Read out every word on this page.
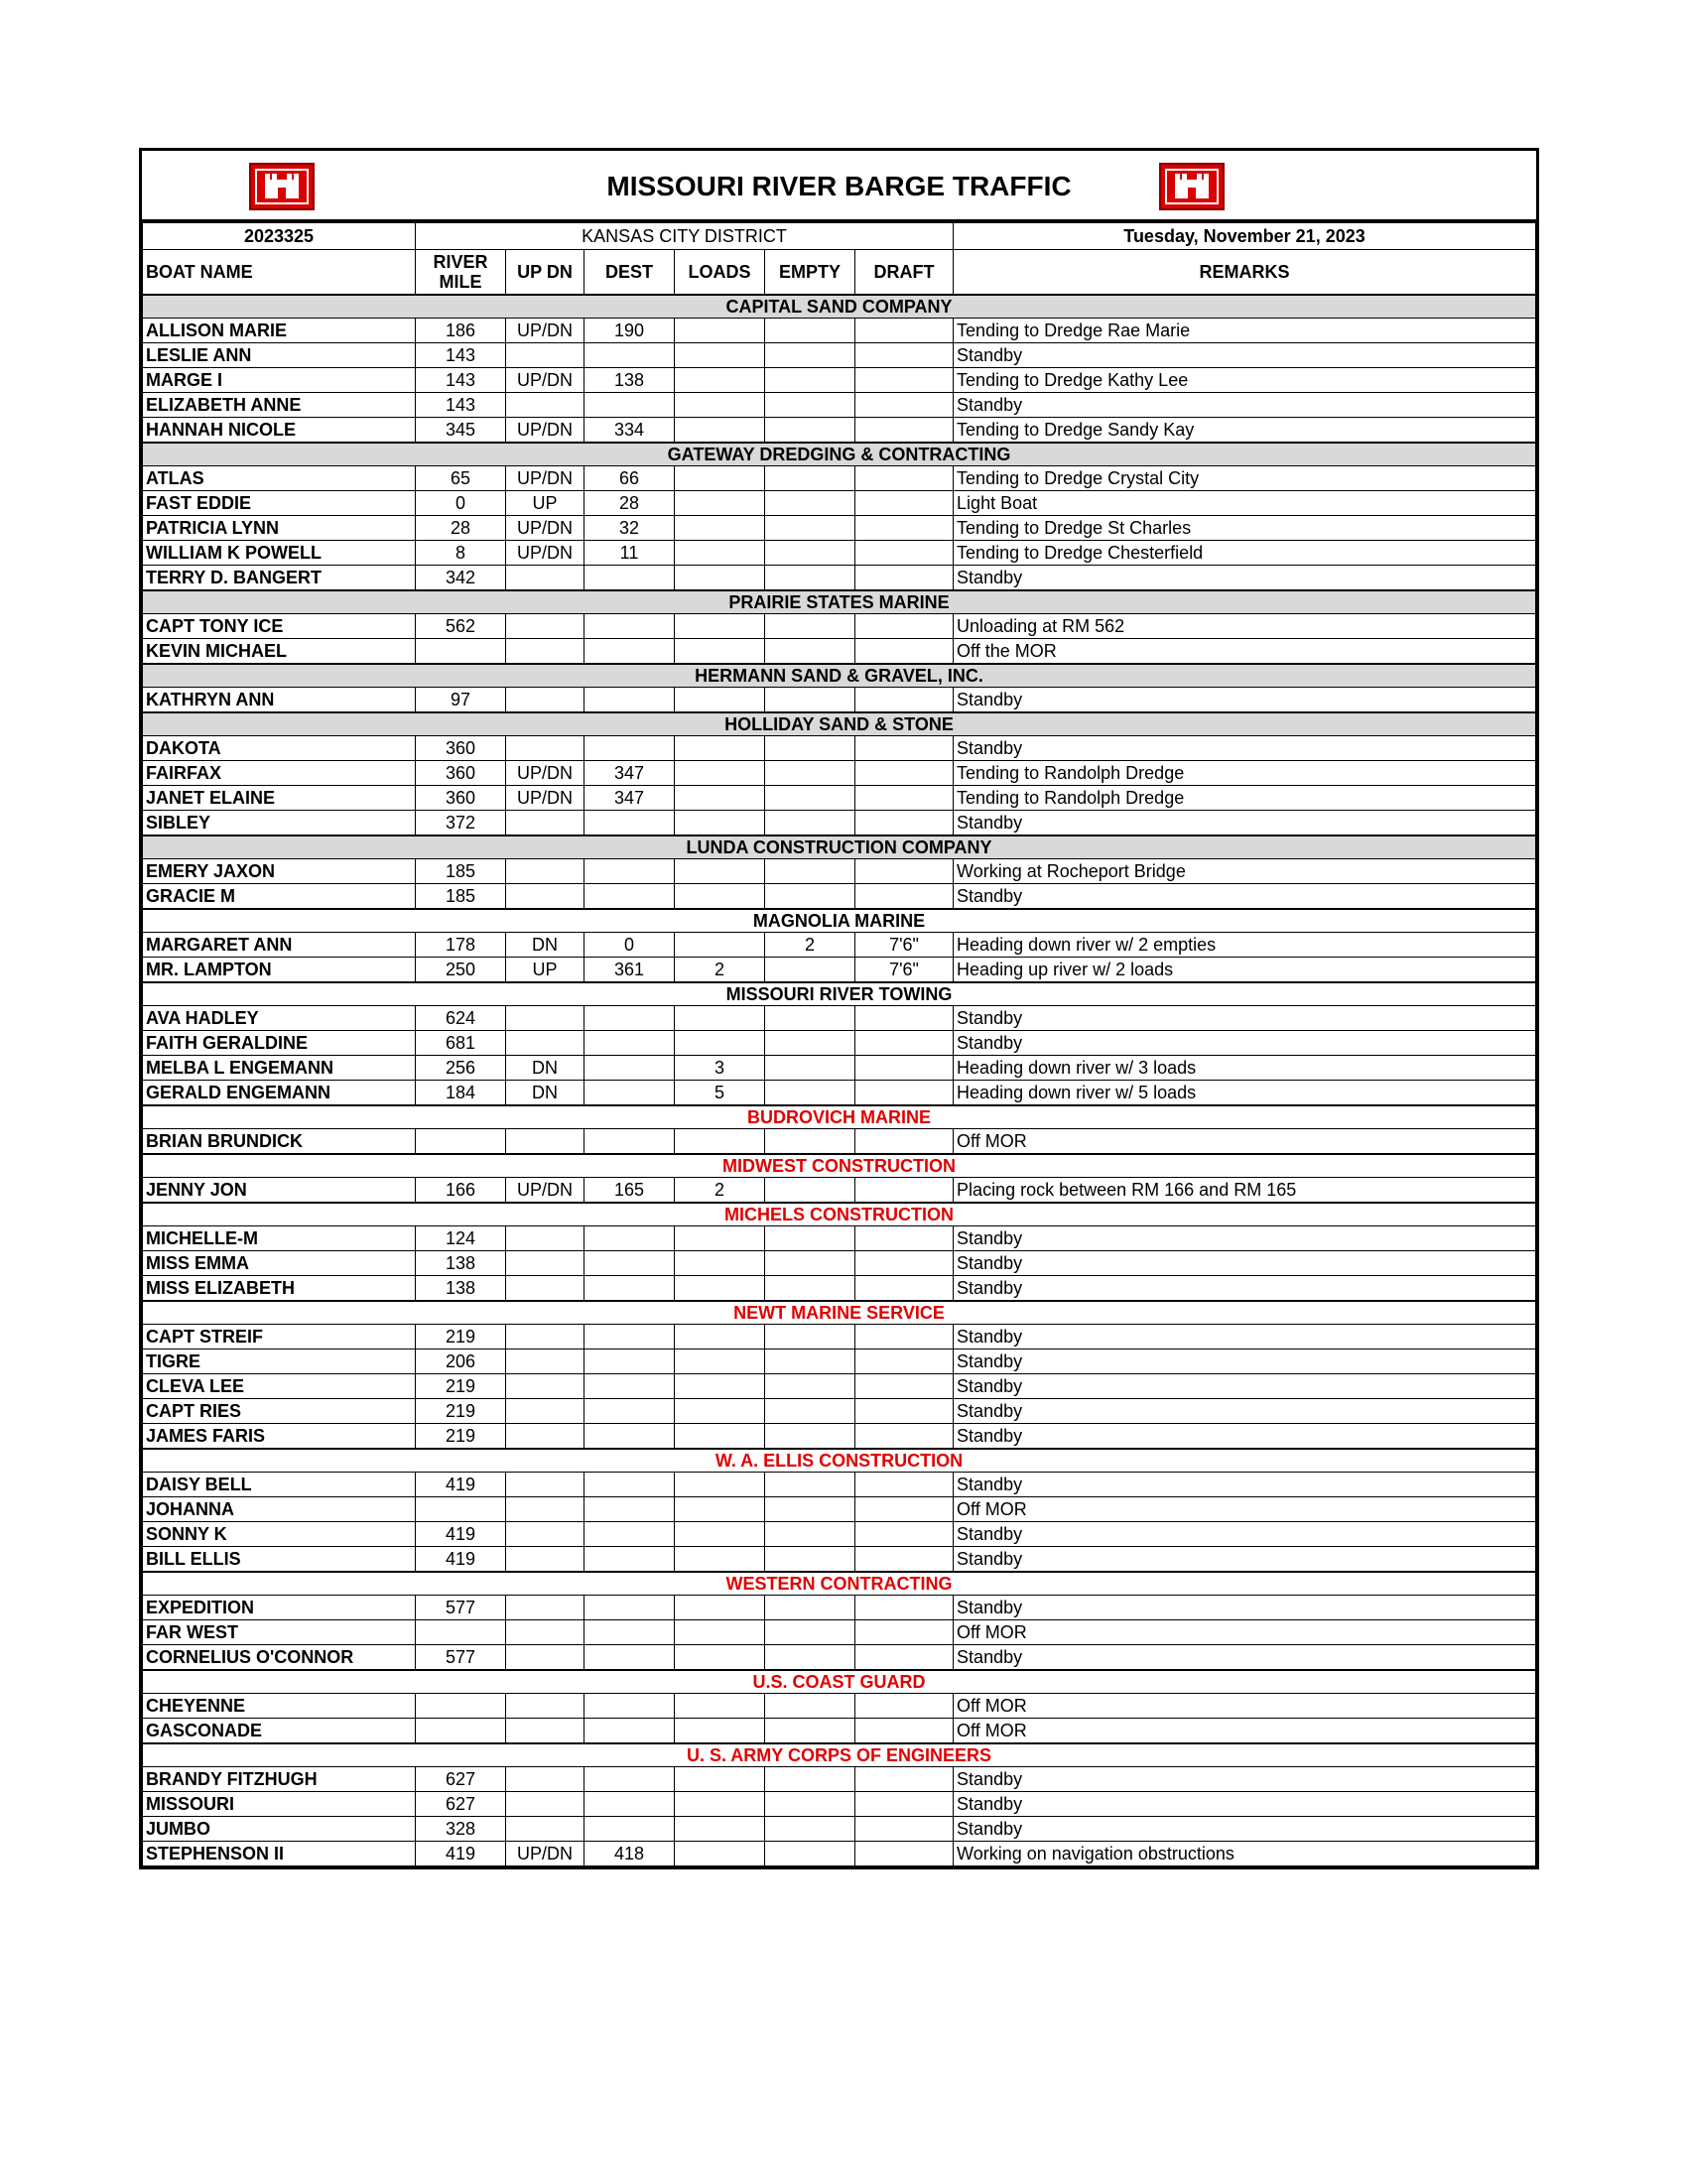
MISSOURI RIVER BARGE TRAFFIC
2023325	KANSAS CITY DISTRICT						Tuesday, November 21, 2023
BOAT NAME	RIVER MILE	UP DN	DEST	LOADS	EMPTY	DRAFT	REMARKS
CAPITAL SAND COMPANY							
ALLISON MARIE	186	UP/DN	190				Tending to Dredge Rae Marie
LESLIE ANN	143						Standby
MARGE I	143	UP/DN	138				Tending to Dredge Kathy Lee
ELIZABETH ANNE	143						Standby
HANNAH NICOLE	345	UP/DN	334				Tending to Dredge Sandy Kay
GATEWAY DREDGING & CONTRACTING							
ATLAS	65	UP/DN	66				Tending to Dredge Crystal City
FAST EDDIE	0	UP	28				Light Boat
PATRICIA LYNN	28	UP/DN	32				Tending to Dredge St Charles
WILLIAM K POWELL	8	UP/DN	11				Tending to Dredge Chesterfield
TERRY D. BANGERT	342						Standby
PRAIRIE STATES MARINE							
CAPT TONY ICE	562						Unloading at RM 562
KEVIN MICHAEL							Off the MOR
HERMANN SAND & GRAVEL, INC.							
KATHRYN ANN	97						Standby
HOLLIDAY SAND & STONE							
DAKOTA	360						Standby
FAIRFAX	360	UP/DN	347				Tending to Randolph Dredge
JANET ELAINE	360	UP/DN	347				Tending to Randolph Dredge
SIBLEY	372						Standby
LUNDA CONSTRUCTION COMPANY							
EMERY JAXON	185						Working at Rocheport Bridge
GRACIE M	185						Standby
MAGNOLIA MARINE							
MARGARET ANN	178	DN	0		2	7'6"	Heading down river w/ 2 empties
MR. LAMPTON	250	UP	361	2		7'6"	Heading up river w/ 2 loads
MISSOURI RIVER TOWING							
AVA HADLEY	624						Standby
FAITH GERALDINE	681						Standby
MELBA L ENGEMANN	256	DN		3			Heading down river w/ 3 loads
GERALD ENGEMANN	184	DN		5			Heading down river w/ 5 loads
BUDROVICH MARINE							
BRIAN BRUNDICK							Off MOR
MIDWEST CONSTRUCTION							
JENNY JON	166	UP/DN	165	2			Placing rock between RM 166 and RM 165
MICHELS CONSTRUCTION							
MICHELLE-M	124						Standby
MISS EMMA	138						Standby
MISS ELIZABETH	138						Standby
NEWT MARINE SERVICE							
CAPT STREIF	219						Standby
TIGRE	206						Standby
CLEVA LEE	219						Standby
CAPT RIES	219						Standby
JAMES FARIS	219						Standby
W. A. ELLIS CONSTRUCTION							
DAISY BELL	419						Standby
JOHANNA							Off MOR
SONNY K	419						Standby
BILL ELLIS	419						Standby
WESTERN CONTRACTING							
EXPEDITION	577						Standby
FAR WEST							Off MOR
CORNELIUS O'CONNOR	577						Standby
U.S. COAST GUARD							
CHEYENNE							Off MOR
GASCONADE							Off MOR
U. S. ARMY CORPS OF ENGINEERS							
BRANDY FITZHUGH	627						Standby
MISSOURI	627						Standby
JUMBO	328						Standby
STEPHENSON II	419	UP/DN	418				Working on navigation obstructions
